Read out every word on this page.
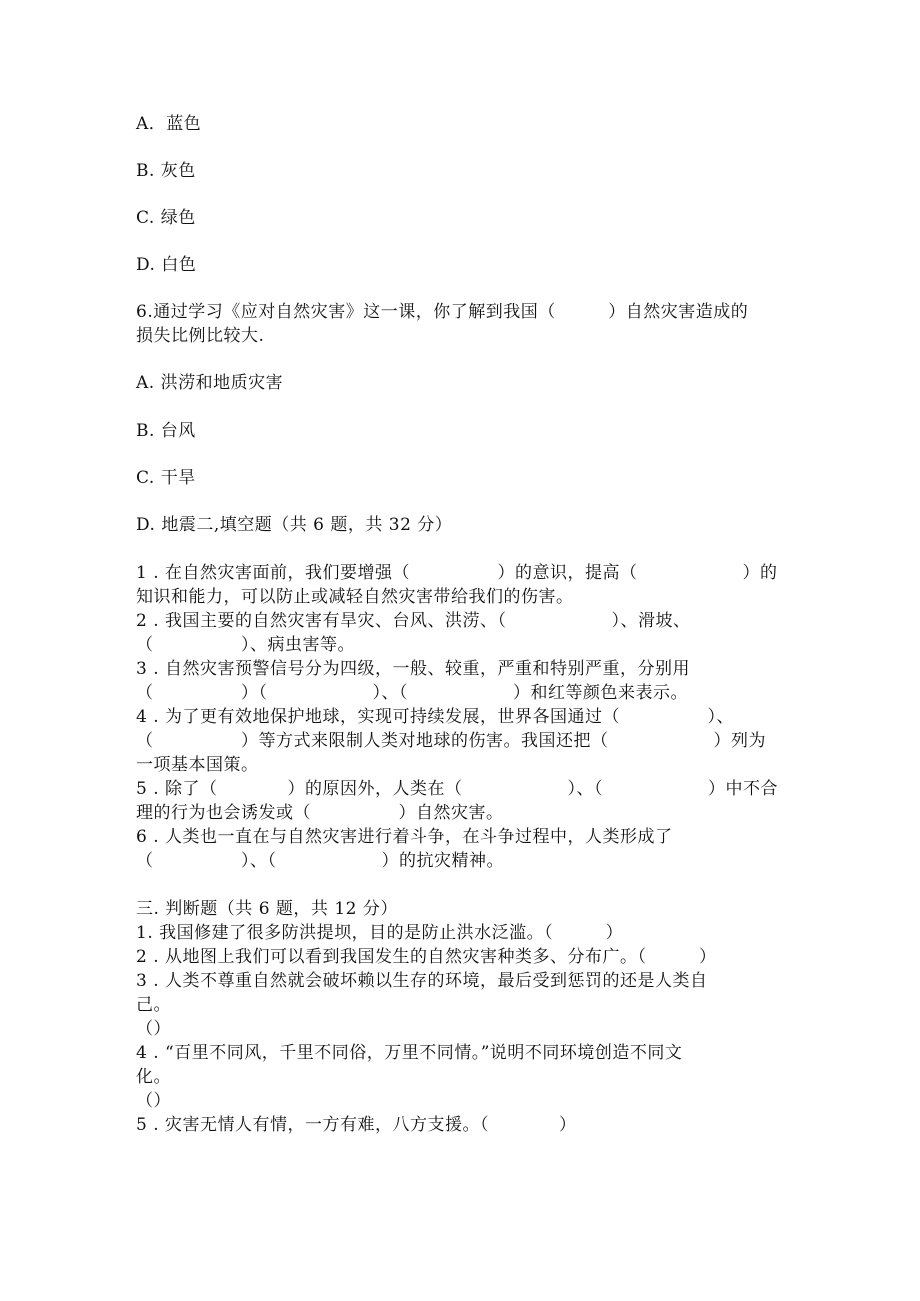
A．蓝色
B. 灰色
C. 绿色
D. 白色
6.通过学习《应对自然灾害》这一课，你了解到我国（　　　）自然灾害造成的
损失比例比较大.
A. 洪涝和地质灾害
B. 台风
C. 干旱
D. 地震二,填空题（共 6 题，共 32 分）
1 . 在自然灾害面前，我们要增强（　　　　　）的意识，提高（　　　　　　）的
知识和能力，可以防止或减轻自然灾害带给我们的伤害。
2 . 我国主要的自然灾害有旱灾、台风、洪涝、（　　　　　　）、滑坡、
（　　　　　）、病虫害等。
3 . 自然灾害预警信号分为四级，一般、较重，严重和特别严重，分别用
（　　　　　）（　　　　　　）、（　　　　　　）和红等颜色来表示。
4 . 为了更有效地保护地球，实现可持续发展，世界各国通过（　　　　　）、
（　　　　　）等方式来限制人类对地球的伤害。我国还把（　　　　　　）列为
一项基本国策。
5 . 除了（　　　　）的原因外，人类在（　　　　　　）、（　　　　　　）中不合
理的行为也会诱发或（　　　　　）自然灾害。
6 . 人类也一直在与自然灾害进行着斗争，在斗争过程中，人类形成了
（　　　　　）、（　　　　　　）的抗灾精神。
三. 判断题（共 6 题，共 12 分）
1. 我国修建了很多防洪提坝，目的是防止洪水泛滥。（　　　）
2 . 从地图上我们可以看到我国发生的自然灾害种类多、分布广。（　　　）
3 . 人类不尊重自然就会破坏赖以生存的环境，最后受到惩罚的还是人类自
己。
（）
4 . “百里不同风，千里不同俗，万里不同情。”说明不同环境创造不同文
化。
（）
5 . 灾害无情人有情，一方有难，八方支援。（　　　　）
